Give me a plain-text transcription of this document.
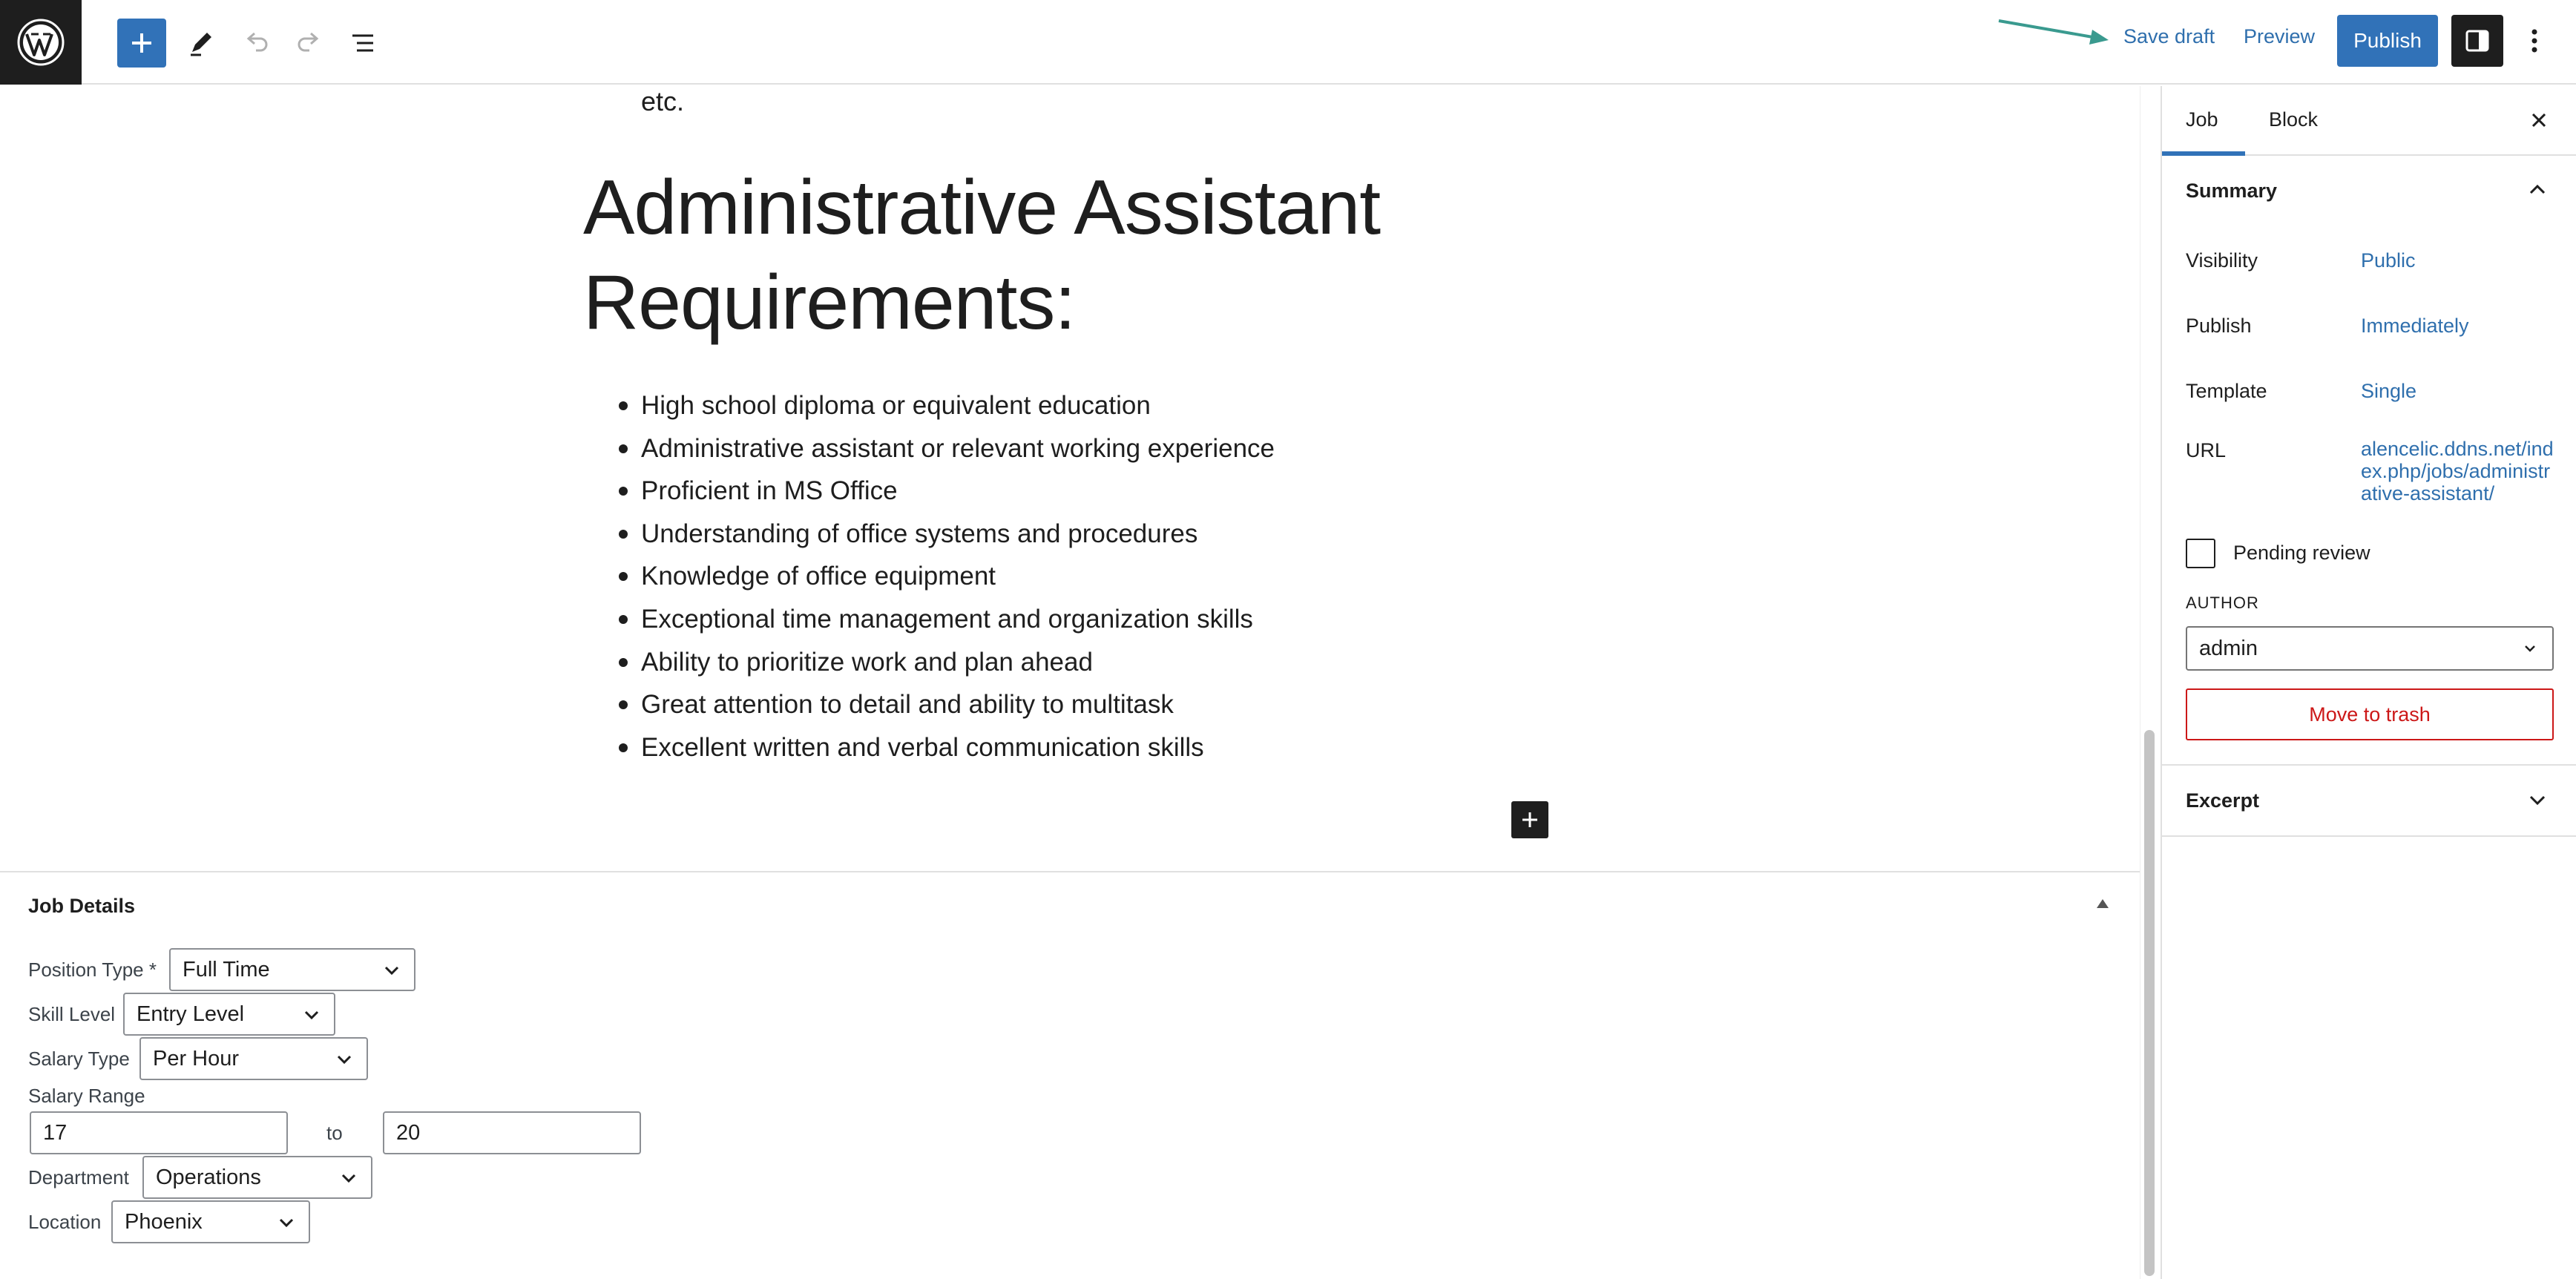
Save draft Preview	Publish
etc.
Administrative Assistant Requirements:
High school diploma or equivalent education
Administrative assistant or relevant working experience
Proficient in MS Office
Understanding of office systems and procedures
Knowledge of office equipment
Exceptional time management and organization skills
Ability to prioritize work and plan ahead
Great attention to detail and ability to multitask
Excellent written and verbal communication skills
Job Details
Position Type * Full Time
Skill Level Entry Level
Salary Type Per Hour
Salary Range
17	to	20
Department Operations
Location Phoenix
Job	Block
Summary
Visibility	Public
Publish	Immediately
Template	Single
URL	alencelic.ddns.net/index.php/jobs/administrative-assistant/
Pending review
AUTHOR
admin
Move to trash
Excerpt
